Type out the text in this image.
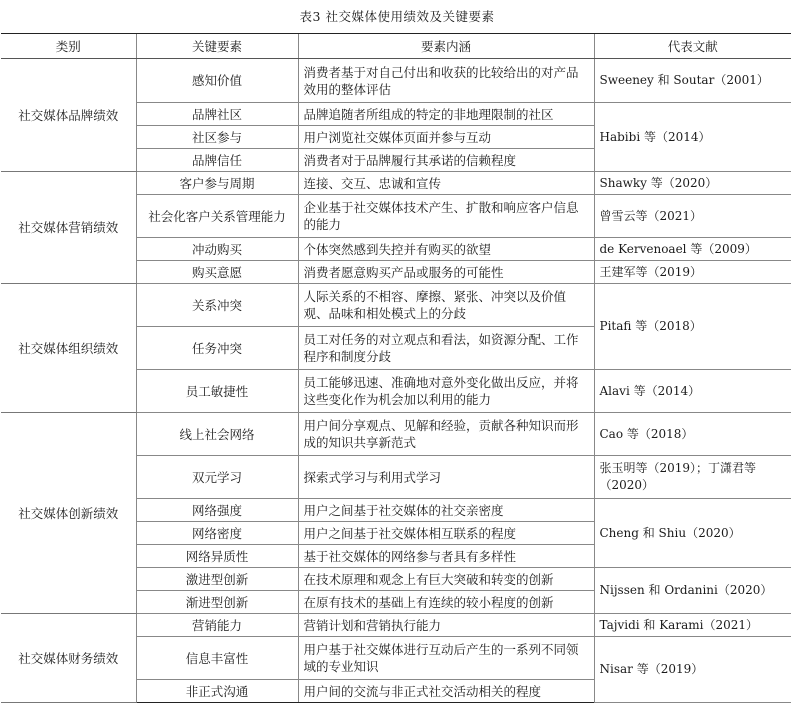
表3 社交媒体使用绩效及关键要素
类别	关键要素	要素内涵	代表文献
社交媒体品牌绩效	感知价值	消费者基于对自己付出和收获的比较给出的对产品效用的整体评估	Sweeney 和 Soutar（2001）
	品牌社区	品牌追随者所组成的特定的非地理限制的社区	Habibi 等（2014）
	社区参与	用户浏览社交媒体页面并参与互动	
	品牌信任	消费者对于品牌履行其承诺的信赖程度	
社交媒体营销绩效	客户参与周期	连接、交互、忠诚和宣传	Shawky 等（2020）
	社会化客户关系管理能力	企业基于社交媒体技术产生、扩散和响应客户信息的能力	曾雪云等（2021）
	冲动购买	个体突然感到失控并有购买的欲望	de Kervenoael 等（2009）
	购买意愿	消费者愿意购买产品或服务的可能性	王建军等（2019）
社交媒体组织绩效	关系冲突	人际关系的不相容、摩擦、紧张、冲突以及价值观、品味和相处模式上的分歧	Pitafi 等（2018）
	任务冲突	员工对任务的对立观点和看法，如资源分配、工作程序和制度分歧	
	员工敏捷性	员工能够迅速、准确地对意外变化做出反应，并将这些变化作为机会加以利用的能力	Alavi 等（2014）
社交媒体创新绩效	线上社会网络	用户间分享观点、见解和经验，贡献各种知识而形成的知识共享新范式	Cao 等（2018）
	双元学习	探索式学习与利用式学习	张玉明等（2019）；丁潇君等（2020）
	网络强度	用户之间基于社交媒体的社交亲密度	Cheng 和 Shiu（2020）
	网络密度	用户之间基于社交媒体相互联系的程度	
	网络异质性	基于社交媒体的网络参与者具有多样性	
	激进型创新	在技术原理和观念上有巨大突破和转变的创新	Nijssen 和 Ordanini（2020）
	渐进型创新	在原有技术的基础上有连续的较小程度的创新	
社交媒体财务绩效	营销能力	营销计划和营销执行能力	Tajvidi 和 Karami（2021）
	信息丰富性	用户基于社交媒体进行互动后产生的一系列不同领域的专业知识	Nisar 等（2019）
	非正式沟通	用户间的交流与非正式社交活动相关的程度	
